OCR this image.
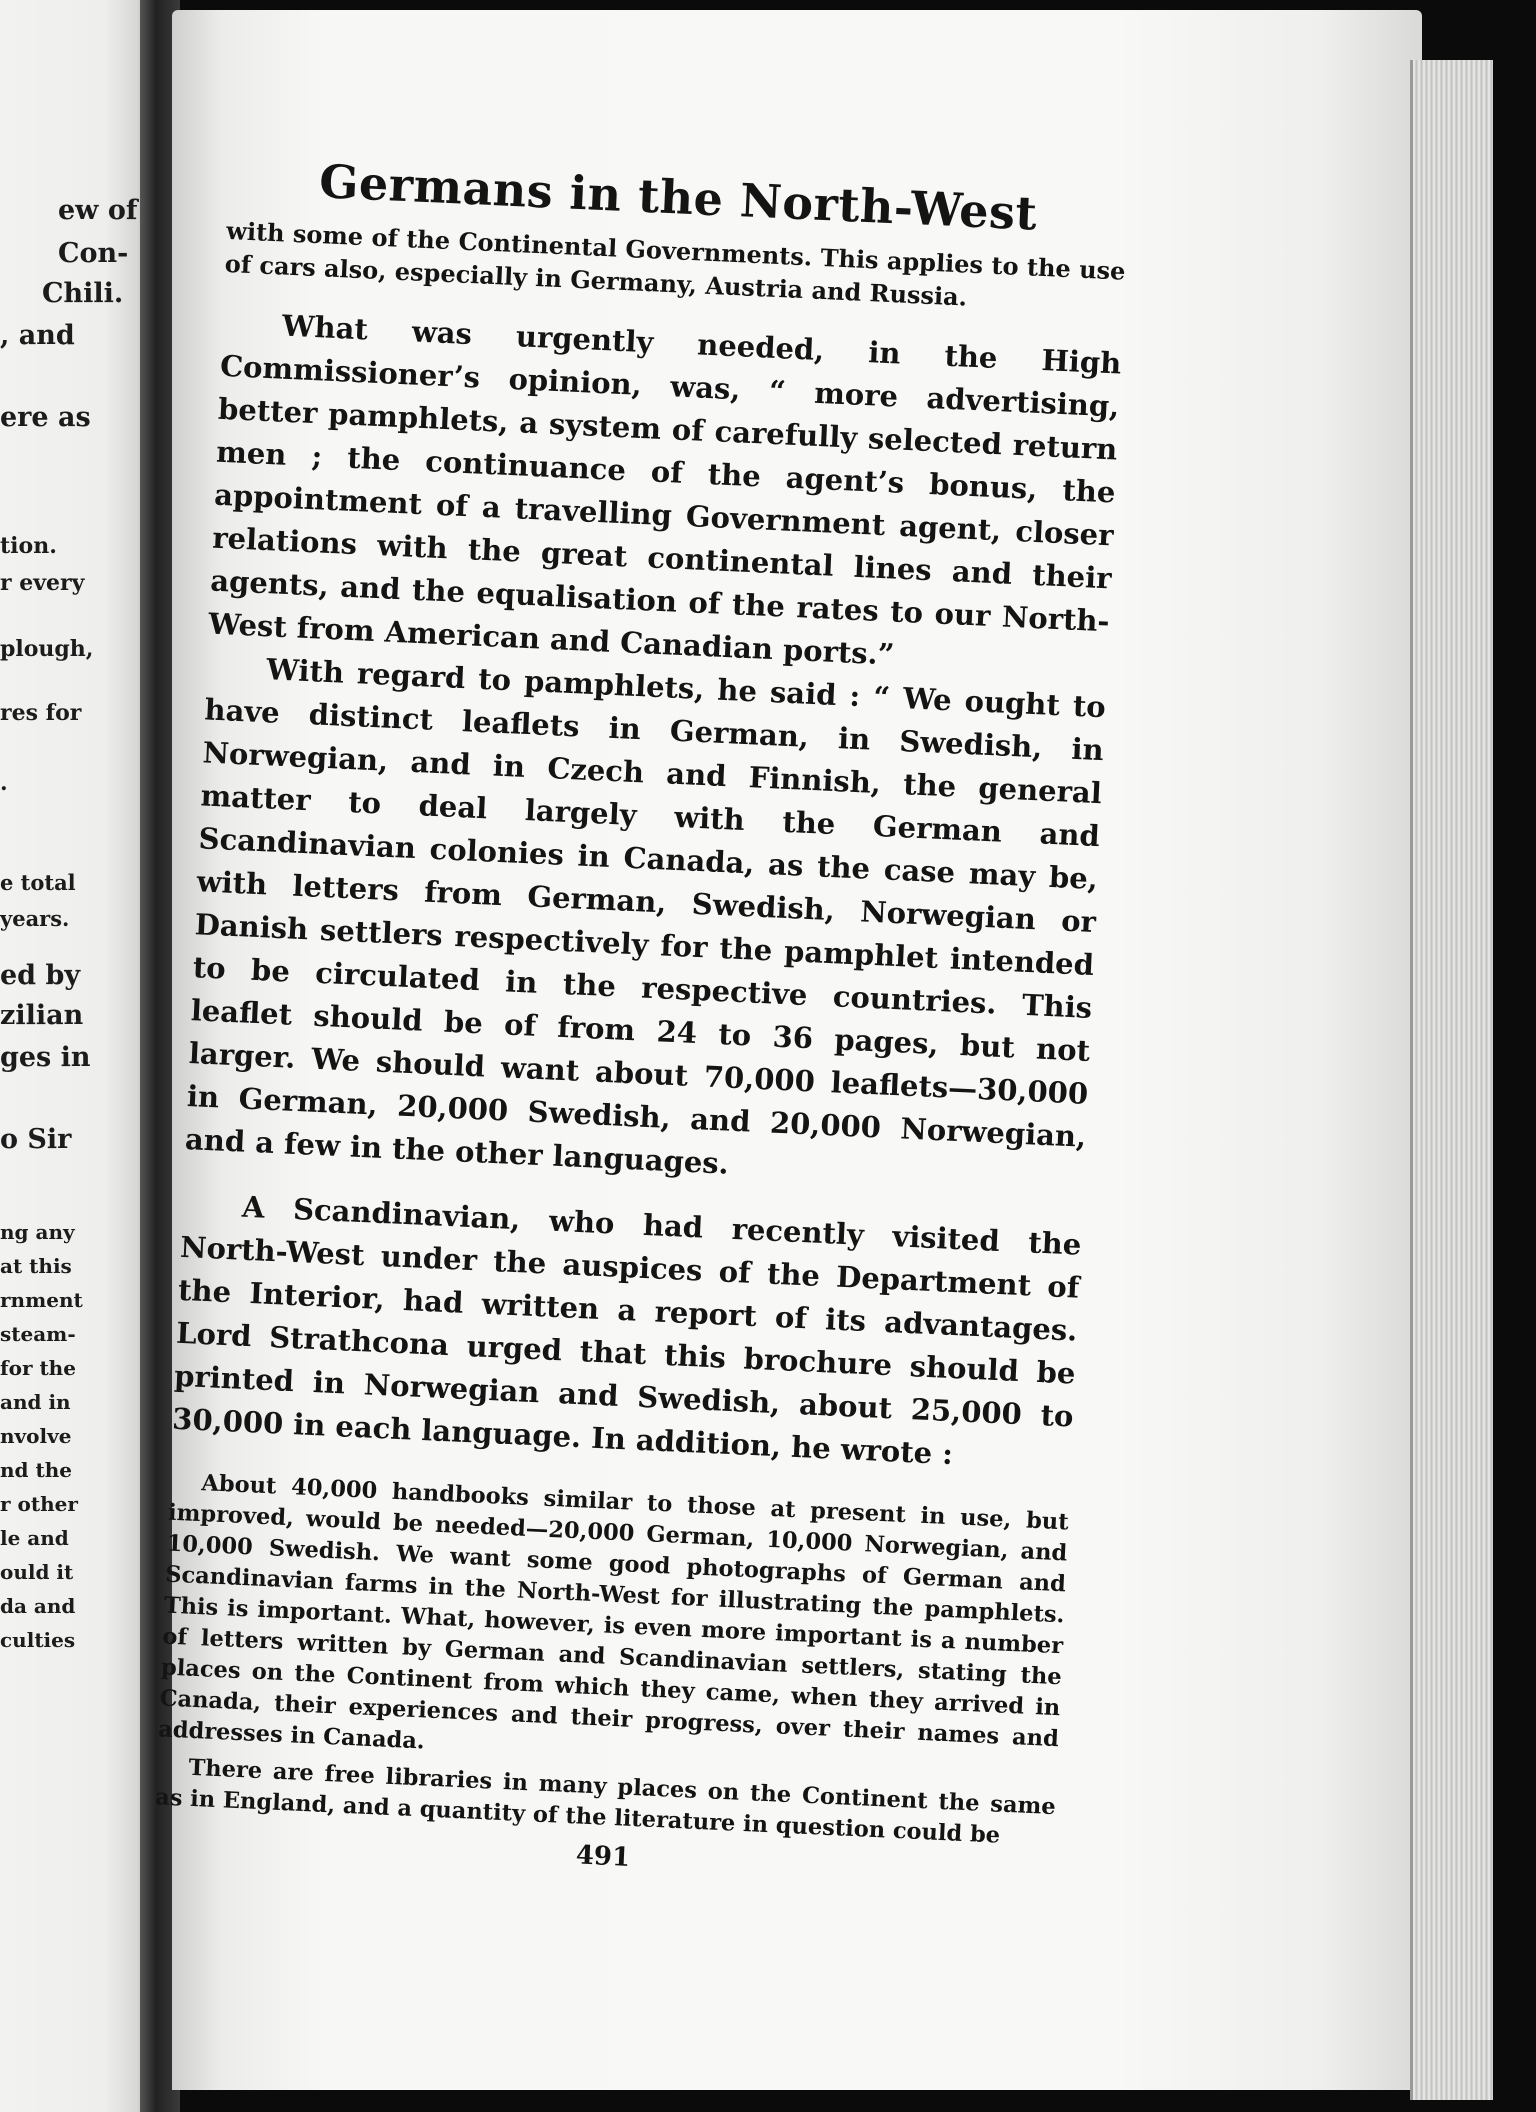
ew of
Con-
Chili.
, and
ere as
tion.
r every
plough,
res for
.
e total
years.
ed by
zilian
ges in
o Sir
ng any
at this
rnment
steam-
for the
and in
nvolve
nd the
r other
le and
ould it
da and
culties
Germans in the North-West

with some of the Continental Governments. This applies to the use of cars also, especially in Germany, Austria and Russia.

What was urgently needed, in the High Commissioner’s opinion, was, “ more advertising, better pamphlets, a system of carefully selected return men ; the continuance of the agent’s bonus, the appointment of a travelling Government agent, closer relations with the great continental lines and their agents, and the equalisation of the rates to our North-West from American and Canadian ports.”

With regard to pamphlets, he said : “ We ought to have distinct leaflets in German, in Swedish, in Norwegian, and in Czech and Finnish, the general matter to deal largely with the German and Scandinavian colonies in Canada, as the case may be, with letters from German, Swedish, Norwegian or Danish settlers respectively for the pamphlet intended to be circulated in the respective countries. This leaflet should be of from 24 to 36 pages, but not larger. We should want about 70,000 leaflets—30,000 in German, 20,000 Swedish, and 20,000 Norwegian, and a few in the other languages.

A Scandinavian, who had recently visited the North-West under the auspices of the Department of the Interior, had written a report of its advantages. Lord Strathcona urged that this brochure should be printed in Norwegian and Swedish, about 25,000 to 30,000 in each language. In addition, he wrote :

About 40,000 handbooks similar to those at present in use, but improved, would be needed—20,000 German, 10,000 Norwegian, and 10,000 Swedish. We want some good photographs of German and Scandinavian farms in the North-West for illustrating the pamphlets. This is important. What, however, is even more important is a number of letters written by German and Scandinavian settlers, stating the places on the Continent from which they came, when they arrived in Canada, their experiences and their progress, over their names and addresses in Canada.

There are free libraries in many places on the Continent the same as in England, and a quantity of the literature in question could be

491
